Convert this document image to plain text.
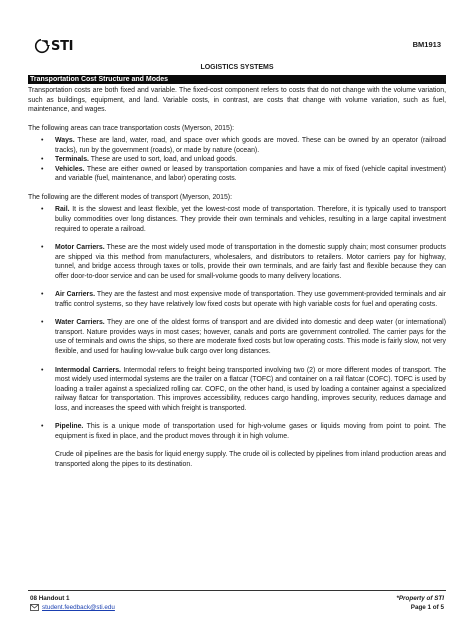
STI	BM1913
LOGISTICS SYSTEMS
Transportation Cost Structure and Modes

Transportation costs are both fixed and variable. The fixed-cost component refers to costs that do not change with the volume variation, such as buildings, equipment, and land. Variable costs, in contrast, are costs that change with volume variation, such as fuel, maintenance, and wages.

The following areas can trace transportation costs (Myerson, 2015):

• Ways. These are land, water, road, and space over which goods are moved. These can be owned by an operator (railroad tracks), run by the government (roads), or made by nature (ocean).
• Terminals. These are used to sort, load, and unload goods.
• Vehicles. These are either owned or leased by transportation companies and have a mix of fixed (vehicle capital investment) and variable (fuel, maintenance, and labor) operating costs.

The following are the different modes of transport (Myerson, 2015):

• Rail. It is the slowest and least flexible, yet the lowest-cost mode of transportation. Therefore, it is typically used to transport bulky commodities over long distances. They provide their own terminals and vehicles, resulting in a large capital investment required to operate a railroad.
• Motor Carriers. These are the most widely used mode of transportation in the domestic supply chain; most consumer products are shipped via this method from manufacturers, wholesalers, and distributors to retailers. Motor carriers pay for highway, tunnel, and bridge access through taxes or tolls, provide their own terminals, and are fairly fast and flexible because they can offer door-to-door service and can be used for small-volume goods to many delivery locations.
• Air Carriers. They are the fastest and most expensive mode of transportation. They use government-provided terminals and air traffic control systems, so they have relatively low fixed costs but operate with high variable costs for fuel and operating costs.
• Water Carriers. They are one of the oldest forms of transport and are divided into domestic and deep water (or international) transport. Nature provides ways in most cases; however, canals and ports are government controlled. The carrier pays for the use of terminals and owns the ships, so there are moderate fixed costs but low operating costs. This mode is fairly slow, not very flexible, and used for hauling low-value bulk cargo over long distances.
• Intermodal Carriers. Intermodal refers to freight being transported involving two (2) or more different modes of transport. The most widely used intermodal systems are the trailer on a flatcar (TOFC) and container on a rail flatcar (COFC). TOFC is used by loading a trailer against a specialized rolling car. COFC, on the other hand, is used by loading a container against a specialized railway flatcar for transportation. This improves accessibility, reduces cargo handling, improves security, reduces damage and loss, and increases the speed with which freight is transported.
• Pipeline. This is a unique mode of transportation used for high-volume gases or liquids moving from point to point. The equipment is fixed in place, and the product moves through it in high volume.

Crude oil pipelines are the basis for liquid energy supply. The crude oil is collected by pipelines from inland production areas and transported along the pipes to its destination.

08 Handout 1
student.feedback@sti.edu
*Property of STI
Page 1 of 5
